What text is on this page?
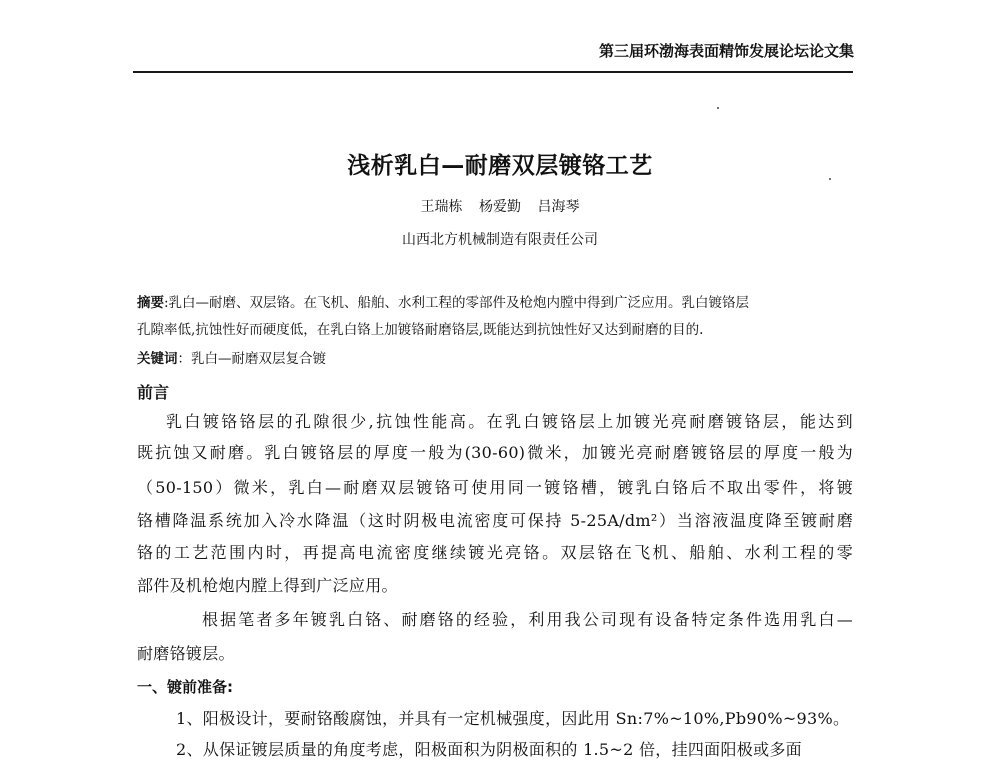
第三届环渤海表面精饰发展论坛论文集
浅析乳白—耐磨双层镀铬工艺
王瑞栋 杨爱勤 吕海琴
山西北方机械制造有限责任公司
摘要:乳白—耐磨、双层铬。在飞机、船舶、水利工程的零部件及枪炮内膛中得到广泛应用。乳白镀铬层
孔隙率低,抗蚀性好而硬度低，在乳白铬上加镀铬耐磨铬层,既能达到抗蚀性好又达到耐磨的目的.
关键词：乳白—耐磨双层复合镀
前言
乳白镀铬铬层的孔隙很少,抗蚀性能高。在乳白镀铬层上加镀光亮耐磨镀铬层，能达到
既抗蚀又耐磨。乳白镀铬层的厚度一般为(30-60)微米，加镀光亮耐磨镀铬层的厚度一般为
（50-150）微米，乳白—耐磨双层镀铬可使用同一镀铬槽，镀乳白铬后不取出零件，将镀
铬槽降温系统加入冷水降温（这时阴极电流密度可保持 5-25A/dm²）当溶液温度降至镀耐磨
铬的工艺范围内时，再提高电流密度继续镀光亮铬。双层铬在飞机、船舶、水利工程的零
部件及机枪炮内膛上得到广泛应用。
根据笔者多年镀乳白铬、耐磨铬的经验，利用我公司现有设备特定条件选用乳白—
耐磨铬镀层。
一、镀前准备:
1、阳极设计，要耐铬酸腐蚀，并具有一定机械强度，因此用 Sn:7%~10%,Pb90%~93%。
2、从保证镀层质量的角度考虑，阳极面积为阴极面积的 1.5~2 倍，挂四面阳极或多面
